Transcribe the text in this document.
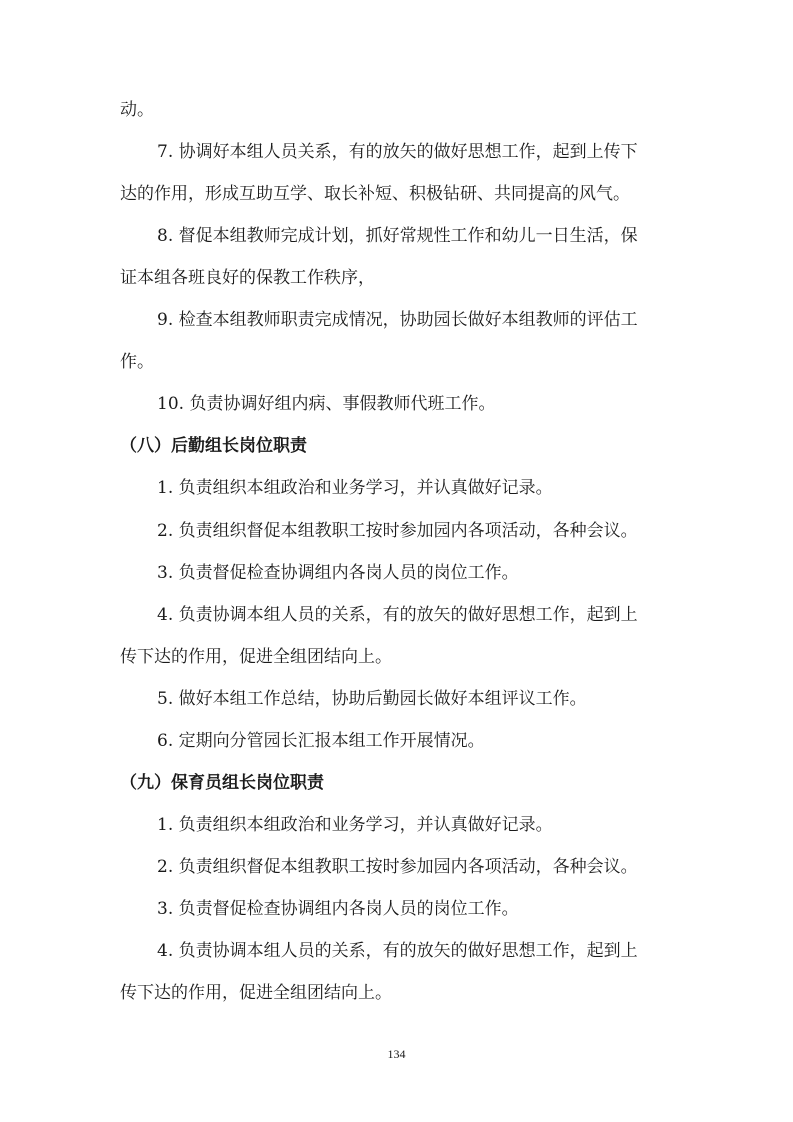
动。
7. 协调好本组人员关系，有的放矢的做好思想工作，起到上传下
达的作用，形成互助互学、取长补短、积极钻研、共同提高的风气。
8. 督促本组教师完成计划，抓好常规性工作和幼儿一日生活，保
证本组各班良好的保教工作秩序，
9. 检查本组教师职责完成情况，协助园长做好本组教师的评估工
作。
10. 负责协调好组内病、事假教师代班工作。
（八）后勤组长岗位职责
1. 负责组织本组政治和业务学习，并认真做好记录。
2. 负责组织督促本组教职工按时参加园内各项活动，各种会议。
3. 负责督促检查协调组内各岗人员的岗位工作。
4. 负责协调本组人员的关系，有的放矢的做好思想工作，起到上
传下达的作用，促进全组团结向上。
5. 做好本组工作总结，协助后勤园长做好本组评议工作。
6. 定期向分管园长汇报本组工作开展情况。
（九）保育员组长岗位职责
1. 负责组织本组政治和业务学习，并认真做好记录。
2. 负责组织督促本组教职工按时参加园内各项活动，各种会议。
3. 负责督促检查协调组内各岗人员的岗位工作。
4. 负责协调本组人员的关系，有的放矢的做好思想工作，起到上
传下达的作用，促进全组团结向上。
134
